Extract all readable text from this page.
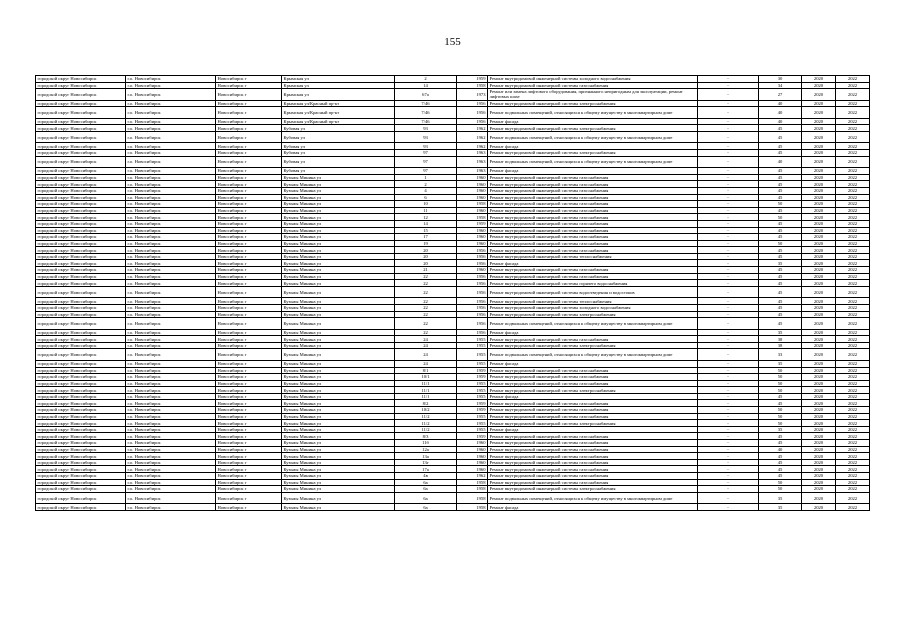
155
городской округ Новосибирск	г.о. Новосибирск	Новосибирск г	Крымская ул	2	1959	Ремонт внутридомовой инженерной системы холодного водоснабжения	-	30	2020	2022
городской округ Новосибирск	г.о. Новосибирск	Новосибирск г	Крымская ул	14	1958	Ремонт внутридомовой инженерной системы газоснабжения	-	34	2020	2022
городской округ Новосибирск	г.о. Новосибирск	Новосибирск г	Крымская ул	67а	1973	Ремонт или замена лифтового оборудования, признанного непригодным для эксплуатации, ремонт лифтовых шахт	-	27	2020	2022
городской округ Новосибирск	г.о. Новосибирск	Новосибирск г	Крымская ул/Красный пр-кт	7/46	1956	Ремонт внутридомовой инженерной системы электроснабжения	-	40	2020	2022
городской округ Новосибирск	г.о. Новосибирск	Новосибирск г	Крымская ул/Красный пр-кт	7/46	1956	Ремонт подвальных помещений, относящихся к общему имуществу в многоквартирном доме	-	40	2020	2022
городской округ Новосибирск	г.о. Новосибирск	Новосибирск г	Крымская ул/Красный пр-кт	7/46	1956	Ремонт фасада	-	40	2020	2022
городской округ Новосибирск	г.о. Новосибирск	Новосибирск г	Кубовая ул	93	1962	Ремонт внутридомовой инженерной системы электроснабжения	-	45	2020	2022
городской округ Новосибирск	г.о. Новосибирск	Новосибирск г	Кубовая ул	93	1962	Ремонт подвальных помещений, относящихся к общему имуществу в многоквартирном доме	-	45	2020	2022
городской округ Новосибирск	г.о. Новосибирск	Новосибирск г	Кубовая ул	93	1962	Ремонт фасада	-	45	2020	2022
городской округ Новосибирск	г.о. Новосибирск	Новосибирск г	Кубовая ул	97	1963	Ремонт внутридомовой инженерной системы электроснабжения	-	45	2020	2022
городской округ Новосибирск	г.о. Новосибирск	Новосибирск г	Кубовая ул	97	1963	Ремонт подвальных помещений, относящихся к общему имуществу в многоквартирном доме	-	40	2020	2022
городской округ Новосибирск	г.о. Новосибирск	Новосибирск г	Кубовая ул	97	1963	Ремонт фасада	-	45	2020	2022
городской округ Новосибирск	г.о. Новосибирск	Новосибирск г	Кузьмы Минина ул	1	1960	Ремонт внутридомовой инженерной системы газоснабжения	-	45	2020	2022
городской округ Новосибирск	г.о. Новосибирск	Новосибирск г	Кузьмы Минина ул	2	1960	Ремонт внутридомовой инженерной системы газоснабжения	-	45	2020	2022
городской округ Новосибирск	г.о. Новосибирск	Новосибирск г	Кузьмы Минина ул	4	1960	Ремонт внутридомовой инженерной системы газоснабжения	-	45	2020	2022
городской округ Новосибирск	г.о. Новосибирск	Новосибирск г	Кузьмы Минина ул	6	1960	Ремонт внутридомовой инженерной системы газоснабжения	-	45	2020	2022
городской округ Новосибирск	г.о. Новосибирск	Новосибирск г	Кузьмы Минина ул	10	1958	Ремонт внутридомовой инженерной системы газоснабжения	-	50	2020	2022
городской округ Новосибирск	г.о. Новосибирск	Новосибирск г	Кузьмы Минина ул	11	1960	Ремонт внутридомовой инженерной системы газоснабжения	-	45	2020	2022
городской округ Новосибирск	г.о. Новосибирск	Новосибирск г	Кузьмы Минина ул	12	1958	Ремонт внутридомовой инженерной системы газоснабжения	-	50	2020	2022
городской округ Новосибирск	г.о. Новосибирск	Новосибирск г	Кузьмы Минина ул	14	1959	Ремонт внутридомовой инженерной системы газоснабжения	-	45	2020	2022
городской округ Новосибирск	г.о. Новосибирск	Новосибирск г	Кузьмы Минина ул	15	1960	Ремонт внутридомовой инженерной системы газоснабжения	-	45	2020	2022
городской округ Новосибирск	г.о. Новосибирск	Новосибирск г	Кузьмы Минина ул	17	1960	Ремонт внутридомовой инженерной системы газоснабжения	-	45	2020	2022
городской округ Новосибирск	г.о. Новосибирск	Новосибирск г	Кузьмы Минина ул	19	1960	Ремонт внутридомовой инженерной системы газоснабжения	-	50	2020	2022
городской округ Новосибирск	г.о. Новосибирск	Новосибирск г	Кузьмы Минина ул	20	1956	Ремонт внутридомовой инженерной системы газоснабжения	-	45	2020	2022
городской округ Новосибирск	г.о. Новосибирск	Новосибирск г	Кузьмы Минина ул	20	1956	Ремонт внутридомовой инженерной системы теплоснабжения	-	45	2020	2022
городской округ Новосибирск	г.о. Новосибирск	Новосибирск г	Кузьмы Минина ул	20	1956	Ремонт фасада	-	35	2020	2022
городской округ Новосибирск	г.о. Новосибирск	Новосибирск г	Кузьмы Минина ул	21	1960	Ремонт внутридомовой инженерной системы газоснабжения	-	45	2020	2022
городской округ Новосибирск	г.о. Новосибирск	Новосибирск г	Кузьмы Минина ул	22	1956	Ремонт внутридомовой инженерной системы газоснабжения	-	45	2020	2022
городской округ Новосибирск	г.о. Новосибирск	Новосибирск г	Кузьмы Минина ул	22	1956	Ремонт внутридомовой инженерной системы горячего водоснабжения	-	45	2020	2022
городской округ Новосибирск	г.о. Новосибирск	Новосибирск г	Кузьмы Минина ул	22	1956	Ремонт внутридомовой инженерной системы водоотведения и водостоков	-	45	2020	2022
городской округ Новосибирск	г.о. Новосибирск	Новосибирск г	Кузьмы Минина ул	22	1956	Ремонт внутридомовой инженерной системы теплоснабжения	-	45	2020	2022
городской округ Новосибирск	г.о. Новосибирск	Новосибирск г	Кузьмы Минина ул	22	1956	Ремонт внутридомовой инженерной системы холодного водоснабжения	-	45	2020	2022
городской округ Новосибирск	г.о. Новосибирск	Новосибирск г	Кузьмы Минина ул	22	1956	Ремонт внутридомовой инженерной системы электроснабжения	-	45	2020	2022
городской округ Новосибирск	г.о. Новосибирск	Новосибирск г	Кузьмы Минина ул	22	1956	Ремонт подвальных помещений, относящихся к общему имуществу в многоквартирном доме	-	45	2020	2022
городской округ Новосибирск	г.о. Новосибирск	Новосибирск г	Кузьмы Минина ул	22	1956	Ремонт фасада	-	35	2020	2022
городской округ Новосибирск	г.о. Новосибирск	Новосибирск г	Кузьмы Минина ул	24	1955	Ремонт внутридомовой инженерной системы газоснабжения	-	38	2020	2022
городской округ Новосибирск	г.о. Новосибирск	Новосибирск г	Кузьмы Минина ул	24	1955	Ремонт внутридомовой инженерной системы электроснабжения	-	38	2020	2022
городской округ Новосибирск	г.о. Новосибирск	Новосибирск г	Кузьмы Минина ул	24	1955	Ремонт подвальных помещений, относящихся к общему имуществу в многоквартирном доме	-	33	2020	2022
городской округ Новосибирск	г.о. Новосибирск	Новосибирск г	Кузьмы Минина ул	24	1955	Ремонт фасада	-	35	2020	2022
городской округ Новосибирск	г.о. Новосибирск	Новосибирск г	Кузьмы Минина ул	8/1	1959	Ремонт внутридомовой инженерной системы газоснабжения	-	50	2020	2022
городской округ Новосибирск	г.о. Новосибирск	Новосибирск г	Кузьмы Минина ул	10/1	1959	Ремонт внутридомовой инженерной системы газоснабжения	-	50	2020	2022
городской округ Новосибирск	г.о. Новосибирск	Новосибирск г	Кузьмы Минина ул	11/1	1955	Ремонт внутридомовой инженерной системы газоснабжения	-	50	2020	2022
городской округ Новосибирск	г.о. Новосибирск	Новосибирск г	Кузьмы Минина ул	11/1	1955	Ремонт внутридомовой инженерной системы электроснабжения	-	50	2020	2022
городской округ Новосибирск	г.о. Новосибирск	Новосибирск г	Кузьмы Минина ул	11/1	1955	Ремонт фасада	-	45	2020	2022
городской округ Новосибирск	г.о. Новосибирск	Новосибирск г	Кузьмы Минина ул	8/2	1959	Ремонт внутридомовой инженерной системы газоснабжения	-	45	2020	2022
городской округ Новосибирск	г.о. Новосибирск	Новосибирск г	Кузьмы Минина ул	10/2	1959	Ремонт внутридомовой инженерной системы газоснабжения	-	50	2020	2022
городской округ Новосибирск	г.о. Новосибирск	Новосибирск г	Кузьмы Минина ул	11/2	1955	Ремонт внутридомовой инженерной системы газоснабжения	-	50	2020	2022
городской округ Новосибирск	г.о. Новосибирск	Новосибирск г	Кузьмы Минина ул	11/2	1955	Ремонт внутридомовой инженерной системы электроснабжения	-	50	2020	2022
городской округ Новосибирск	г.о. Новосибирск	Новосибирск г	Кузьмы Минина ул	11/2	1955	Ремонт фасада	-	35	2020	2022
городской округ Новосибирск	г.о. Новосибирск	Новосибирск г	Кузьмы Минина ул	8/3	1959	Ремонт внутридомовой инженерной системы газоснабжения	-	45	2020	2022
городской округ Новосибирск	г.о. Новосибирск	Новосибирск г	Кузьмы Минина ул	11б	1960	Ремонт внутридомовой инженерной системы газоснабжения	-	45	2020	2022
городской округ Новосибирск	г.о. Новосибирск	Новосибирск г	Кузьмы Минина ул	12а	1960	Ремонт внутридомовой инженерной системы газоснабжения	-	40	2020	2022
городской округ Новосибирск	г.о. Новосибирск	Новосибирск г	Кузьмы Минина ул	13а	1960	Ремонт внутридомовой инженерной системы газоснабжения	-	45	2020	2022
городской округ Новосибирск	г.о. Новосибирск	Новосибирск г	Кузьмы Минина ул	13г	1960	Ремонт внутридомовой инженерной системы газоснабжения	-	45	2020	2022
городской округ Новосибирск	г.о. Новосибирск	Новосибирск г	Кузьмы Минина ул	17а	1960	Ремонт внутридомовой инженерной системы газоснабжения	-	45	2020	2022
городской округ Новосибирск	г.о. Новосибирск	Новосибирск г	Кузьмы Минина ул	4в	1962	Ремонт внутридомовой инженерной системы газоснабжения	-	45	2020	2022
городской округ Новосибирск	г.о. Новосибирск	Новосибирск г	Кузьмы Минина ул	6а	1958	Ремонт внутридомовой инженерной системы газоснабжения	-	50	2020	2022
городской округ Новосибирск	г.о. Новосибирск	Новосибирск г	Кузьмы Минина ул	6а	1958	Ремонт внутридомовой инженерной системы электроснабжения	-	50	2020	2022
городской округ Новосибирск	г.о. Новосибирск	Новосибирск г	Кузьмы Минина ул	6а	1958	Ремонт подвальных помещений, относящихся к общему имуществу в многоквартирном доме	-	35	2020	2022
городской округ Новосибирск	г.о. Новосибирск	Новосибирск г	Кузьмы Минина ул	6а	1958	Ремонт фасада	-	35	2020	2022
